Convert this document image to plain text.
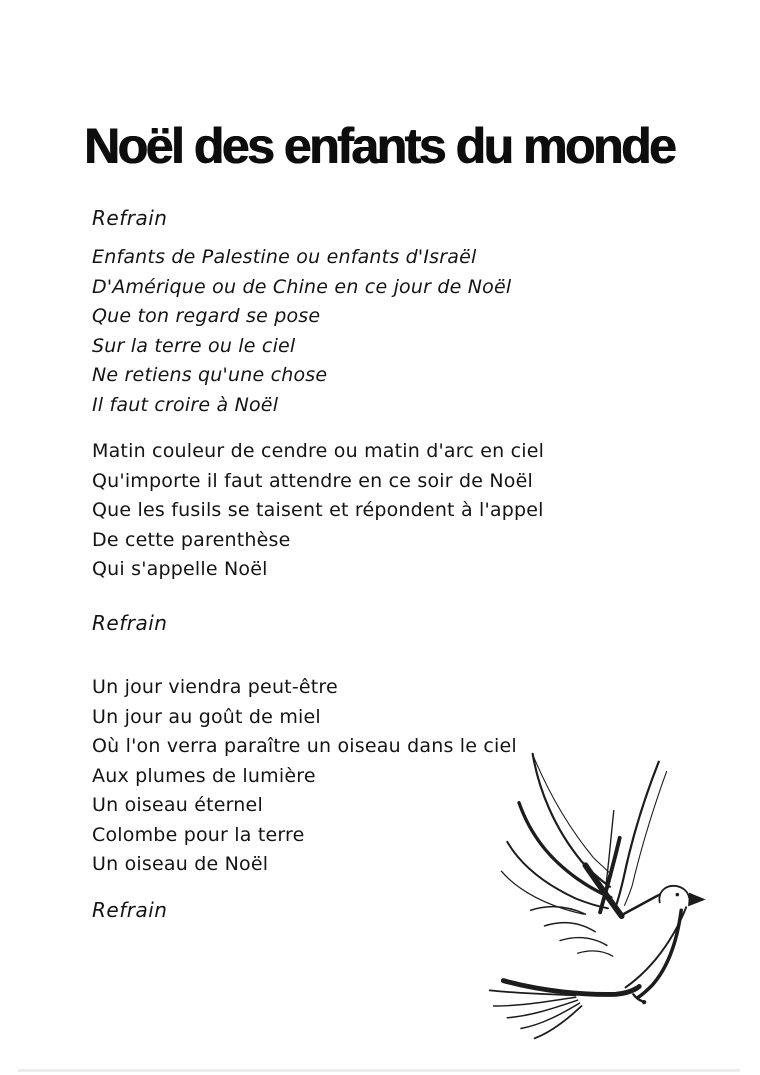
Noël des enfants du monde
Refrain
Enfants de Palestine ou enfants d'Israël
D'Amérique ou de Chine en ce jour de Noël
Que ton regard se pose
Sur la terre ou le ciel
Ne retiens qu'une chose
Il faut croire à Noël
Matin couleur de cendre ou matin d'arc en ciel
Qu'importe il faut attendre en ce soir de Noël
Que les fusils se taisent et répondent à l'appel
De cette parenthèse
Qui s'appelle Noël
Refrain
Un jour viendra peut-être
Un jour au goût de miel
Où l'on verra paraître un oiseau dans le ciel
Aux plumes de lumière
Un oiseau éternel
Colombe pour la terre
Un oiseau de Noël
Refrain
